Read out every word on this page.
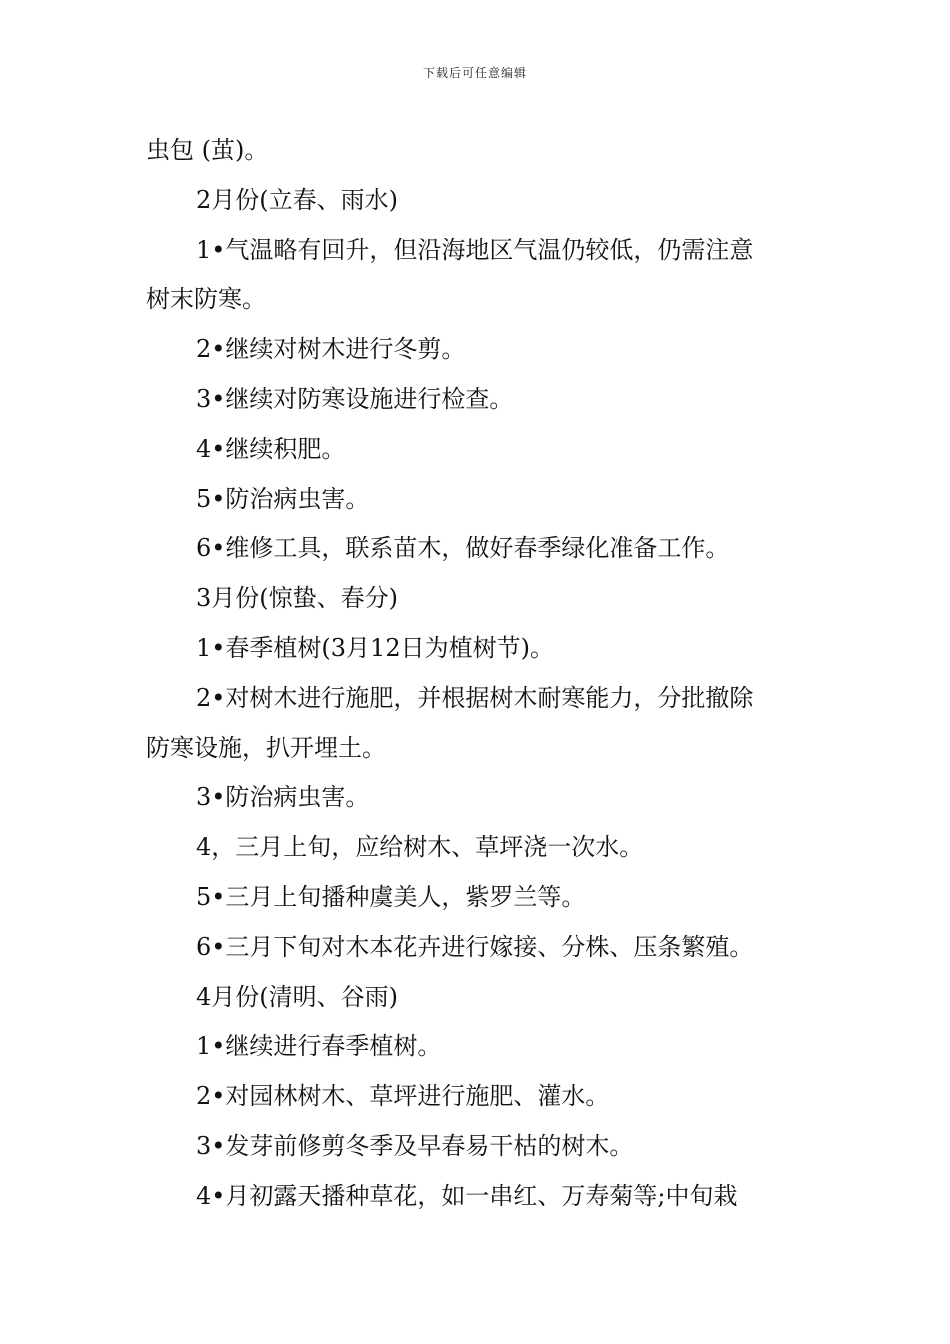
下载后可任意编辑
虫包 (茧)。
2月份(立春、雨水)
1•气温略有回升，但沿海地区气温仍较低，仍需注意
树末防寒。
2•继续对树木进行冬剪。
3•继续对防寒设施进行检查。
4•继续积肥。
5•防治病虫害。
6•维修工具，联系苗木，做好春季绿化准备工作。
3月份(惊蛰、春分)
1•春季植树(3月12日为植树节)。
2•对树木进行施肥，并根据树木耐寒能力，分批撤除
防寒设施，扒开埋土。
3•防治病虫害。
4，三月上旬，应给树木、草坪浇一次水。
5•三月上旬播种虞美人，紫罗兰等。
6•三月下旬对木本花卉进行嫁接、分株、压条繁殖。
4月份(清明、谷雨)
1•继续进行春季植树。
2•对园林树木、草坪进行施肥、灌水。
3•发芽前修剪冬季及早春易干枯的树木。
4•月初露天播种草花，如一串红、万寿菊等;中旬栽
